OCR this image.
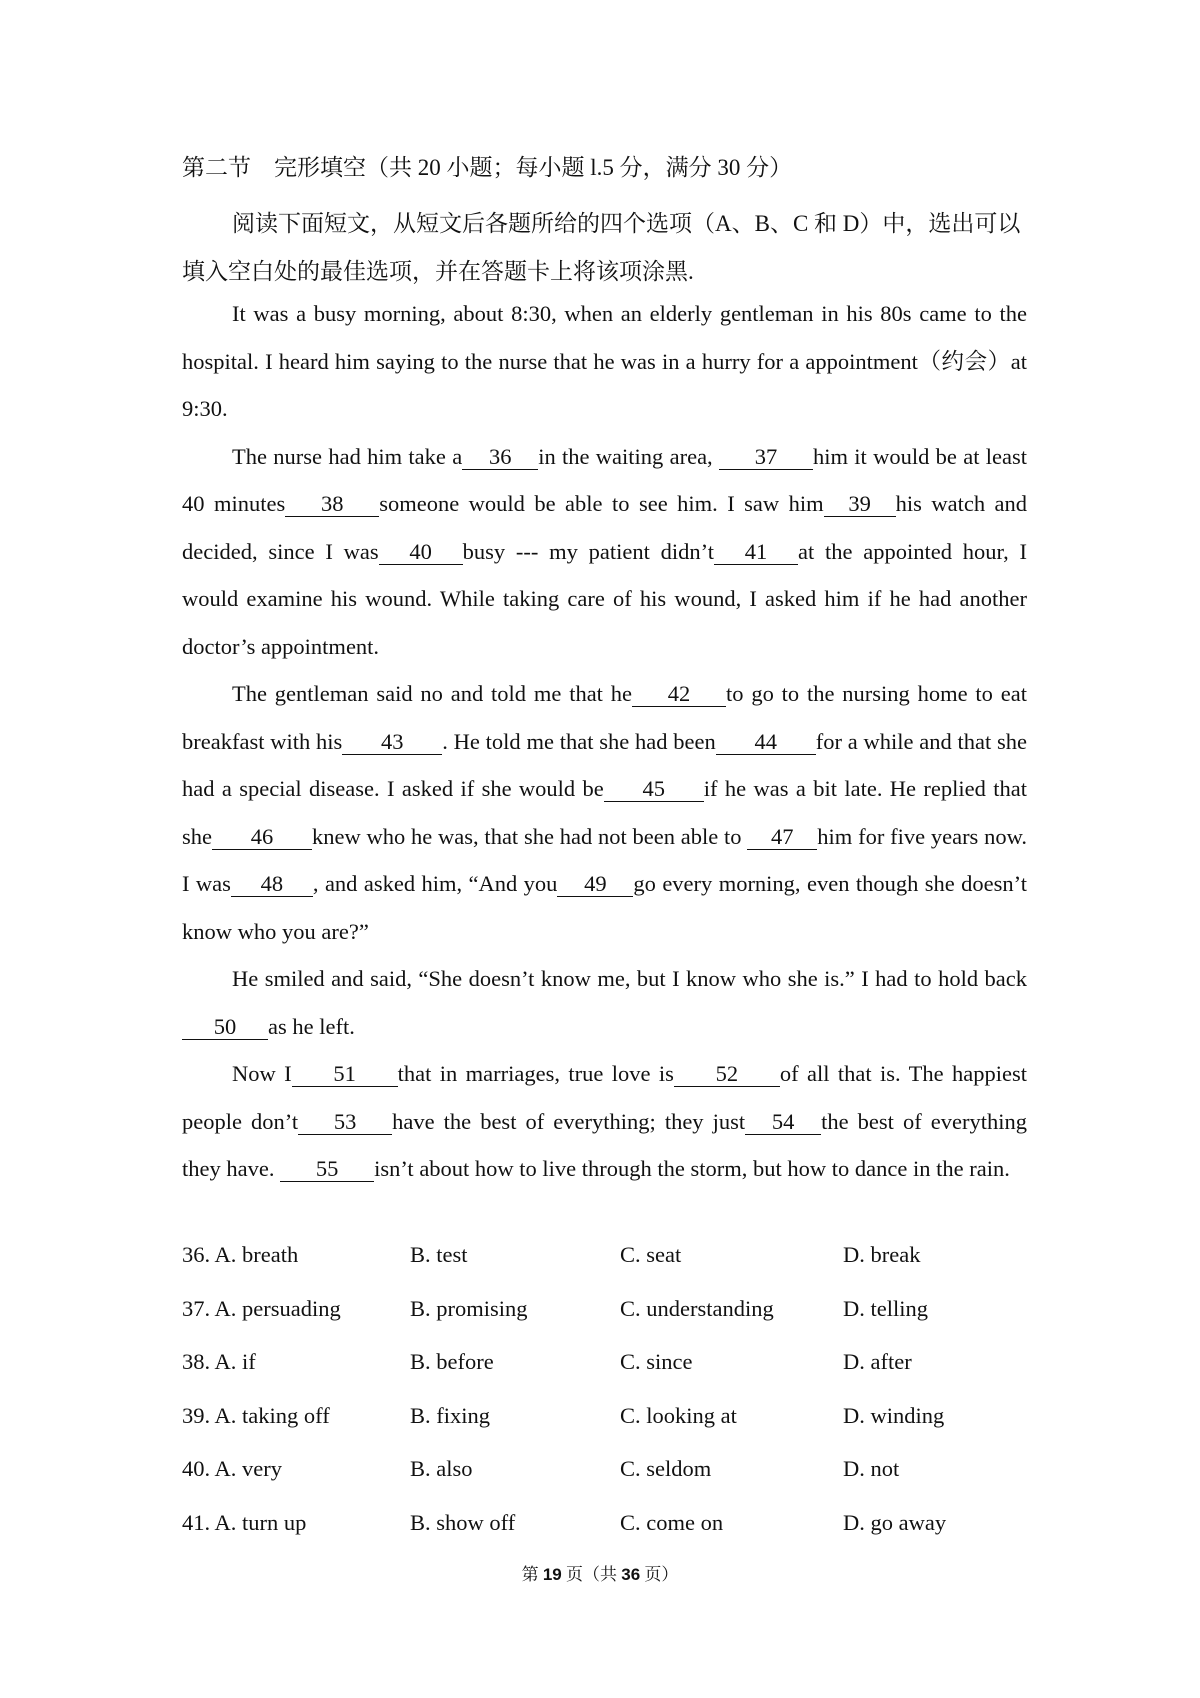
第二节　完形填空（共 20 小题；每小题 l.5 分，满分 30 分）
阅读下面短文，从短文后各题所给的四个选项（A、B、C 和 D）中，选出可以填入空白处的最佳选项，并在答题卡上将该项涂黑.

It was a busy morning, about 8:30, when an elderly gentleman in his 80s came to the hospital. I heard him saying to the nurse that he was in a hurry for a appointment（约会）at 9:30.

The nurse had him take a 36 in the waiting area, 37 him it would be at least 40 minutes 38 someone would be able to see him. I saw him 39 his watch and decided, since I was 40 busy --- my patient didn’t 41 at the appointed hour, I would examine his wound. While taking care of his wound, I asked him if he had another doctor’s appointment.

The gentleman said no and told me that he 42 to go to the nursing home to eat breakfast with his 43 . He told me that she had been 44 for a while and that she had a special disease. I asked if she would be 45 if he was a bit late. He replied that she 46 knew who he was, that she had not been able to 47 him for five years now. I was 48 , and asked him, “And you 49 go every morning, even though she doesn’t know who you are?”

He smiled and said, “She doesn’t know me, but I know who she is.” I had to hold back50 as he left.

Now I 51 that in marriages, true love is 52 of all that is. The happiest people don’t 53 have the best of everything; they just 54 the best of everything they have. 55 isn’t about how to live through the storm, but how to dance in the rain.

36. A. breath	B. test	C. seat	D. break
37. A. persuading	B. promising	C. understanding	D. telling
38. A. if	B. before	C. since	D. after
39. A. taking off	B. fixing	C. looking at	D. winding
40. A. very	B. also	C. seldom	D. not
41. A. turn up	B. show off	C. come on	D. go away
第 19 页（共 36 页）
